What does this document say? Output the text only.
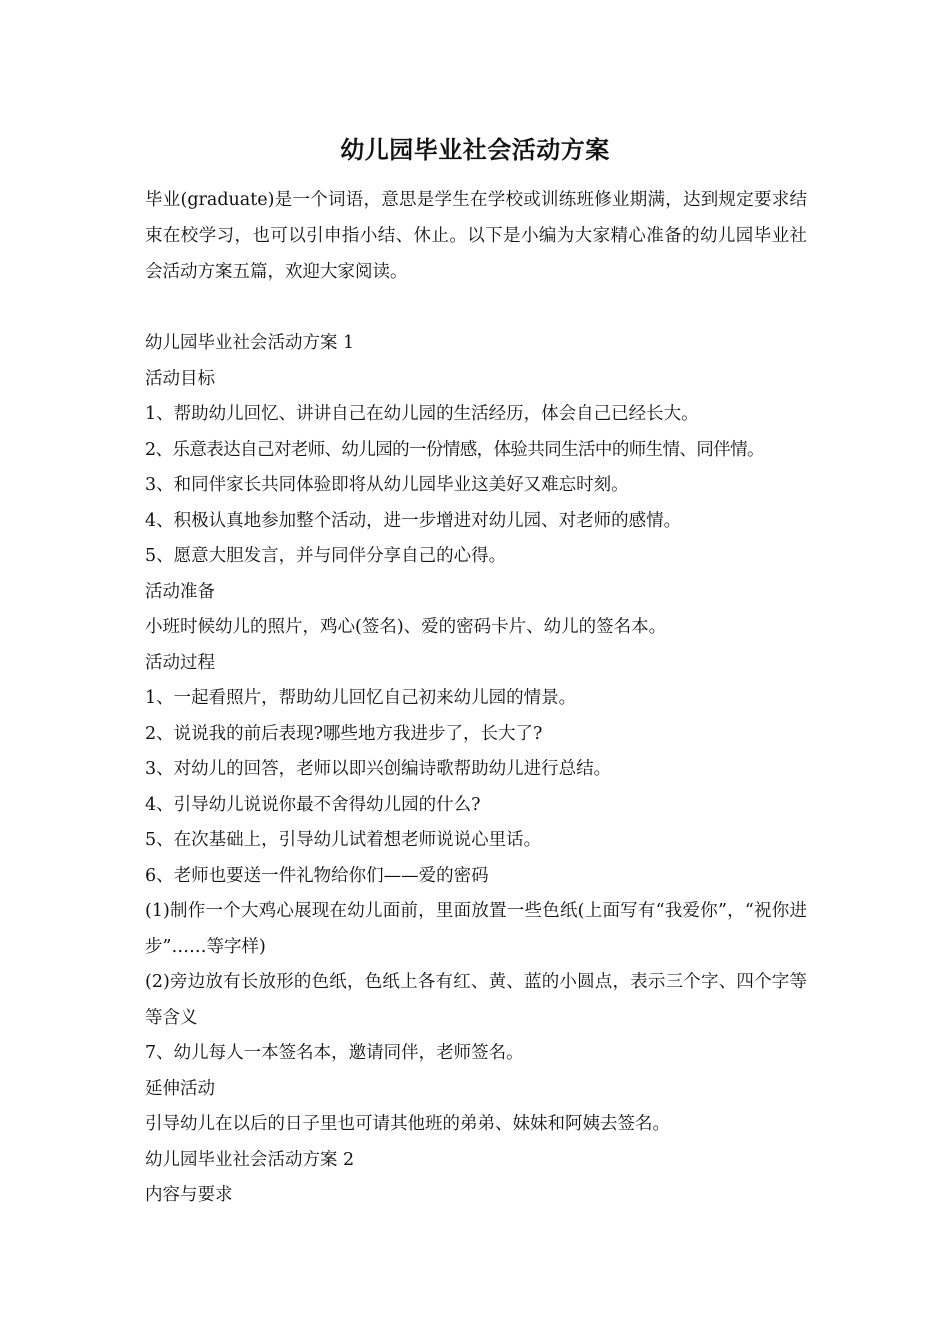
幼儿园毕业社会活动方案
毕业(graduate)是一个词语，意思是学生在学校或训练班修业期满，达到规定要求结束在校学习，也可以引申指小结、休止。以下是小编为大家精心准备的幼儿园毕业社会活动方案五篇，欢迎大家阅读。

幼儿园毕业社会活动方案 1

活动目标

1、帮助幼儿回忆、讲讲自己在幼儿园的生活经历，体会自己已经长大。

2、乐意表达自己对老师、幼儿园的一份情感，体验共同生活中的师生情、同伴情。

3、和同伴家长共同体验即将从幼儿园毕业这美好又难忘时刻。

4、积极认真地参加整个活动，进一步增进对幼儿园、对老师的感情。

5、愿意大胆发言，并与同伴分享自己的心得。

活动准备

小班时候幼儿的照片，鸡心(签名)、爱的密码卡片、幼儿的签名本。

活动过程

1、一起看照片，帮助幼儿回忆自己初来幼儿园的情景。

2、说说我的前后表现?哪些地方我进步了，长大了?

3、对幼儿的回答，老师以即兴创编诗歌帮助幼儿进行总结。

4、引导幼儿说说你最不舍得幼儿园的什么?

5、在次基础上，引导幼儿试着想老师说说心里话。

6、老师也要送一件礼物给你们——爱的密码

(1)制作一个大鸡心展现在幼儿面前，里面放置一些色纸(上面写有“我爱你”，“祝你进步”……等字样)

(2)旁边放有长放形的色纸，色纸上各有红、黄、蓝的小圆点，表示三个字、四个字等等含义

7、幼儿每人一本签名本，邀请同伴，老师签名。

延伸活动

引导幼儿在以后的日子里也可请其他班的弟弟、妹妹和阿姨去签名。

幼儿园毕业社会活动方案 2

内容与要求
